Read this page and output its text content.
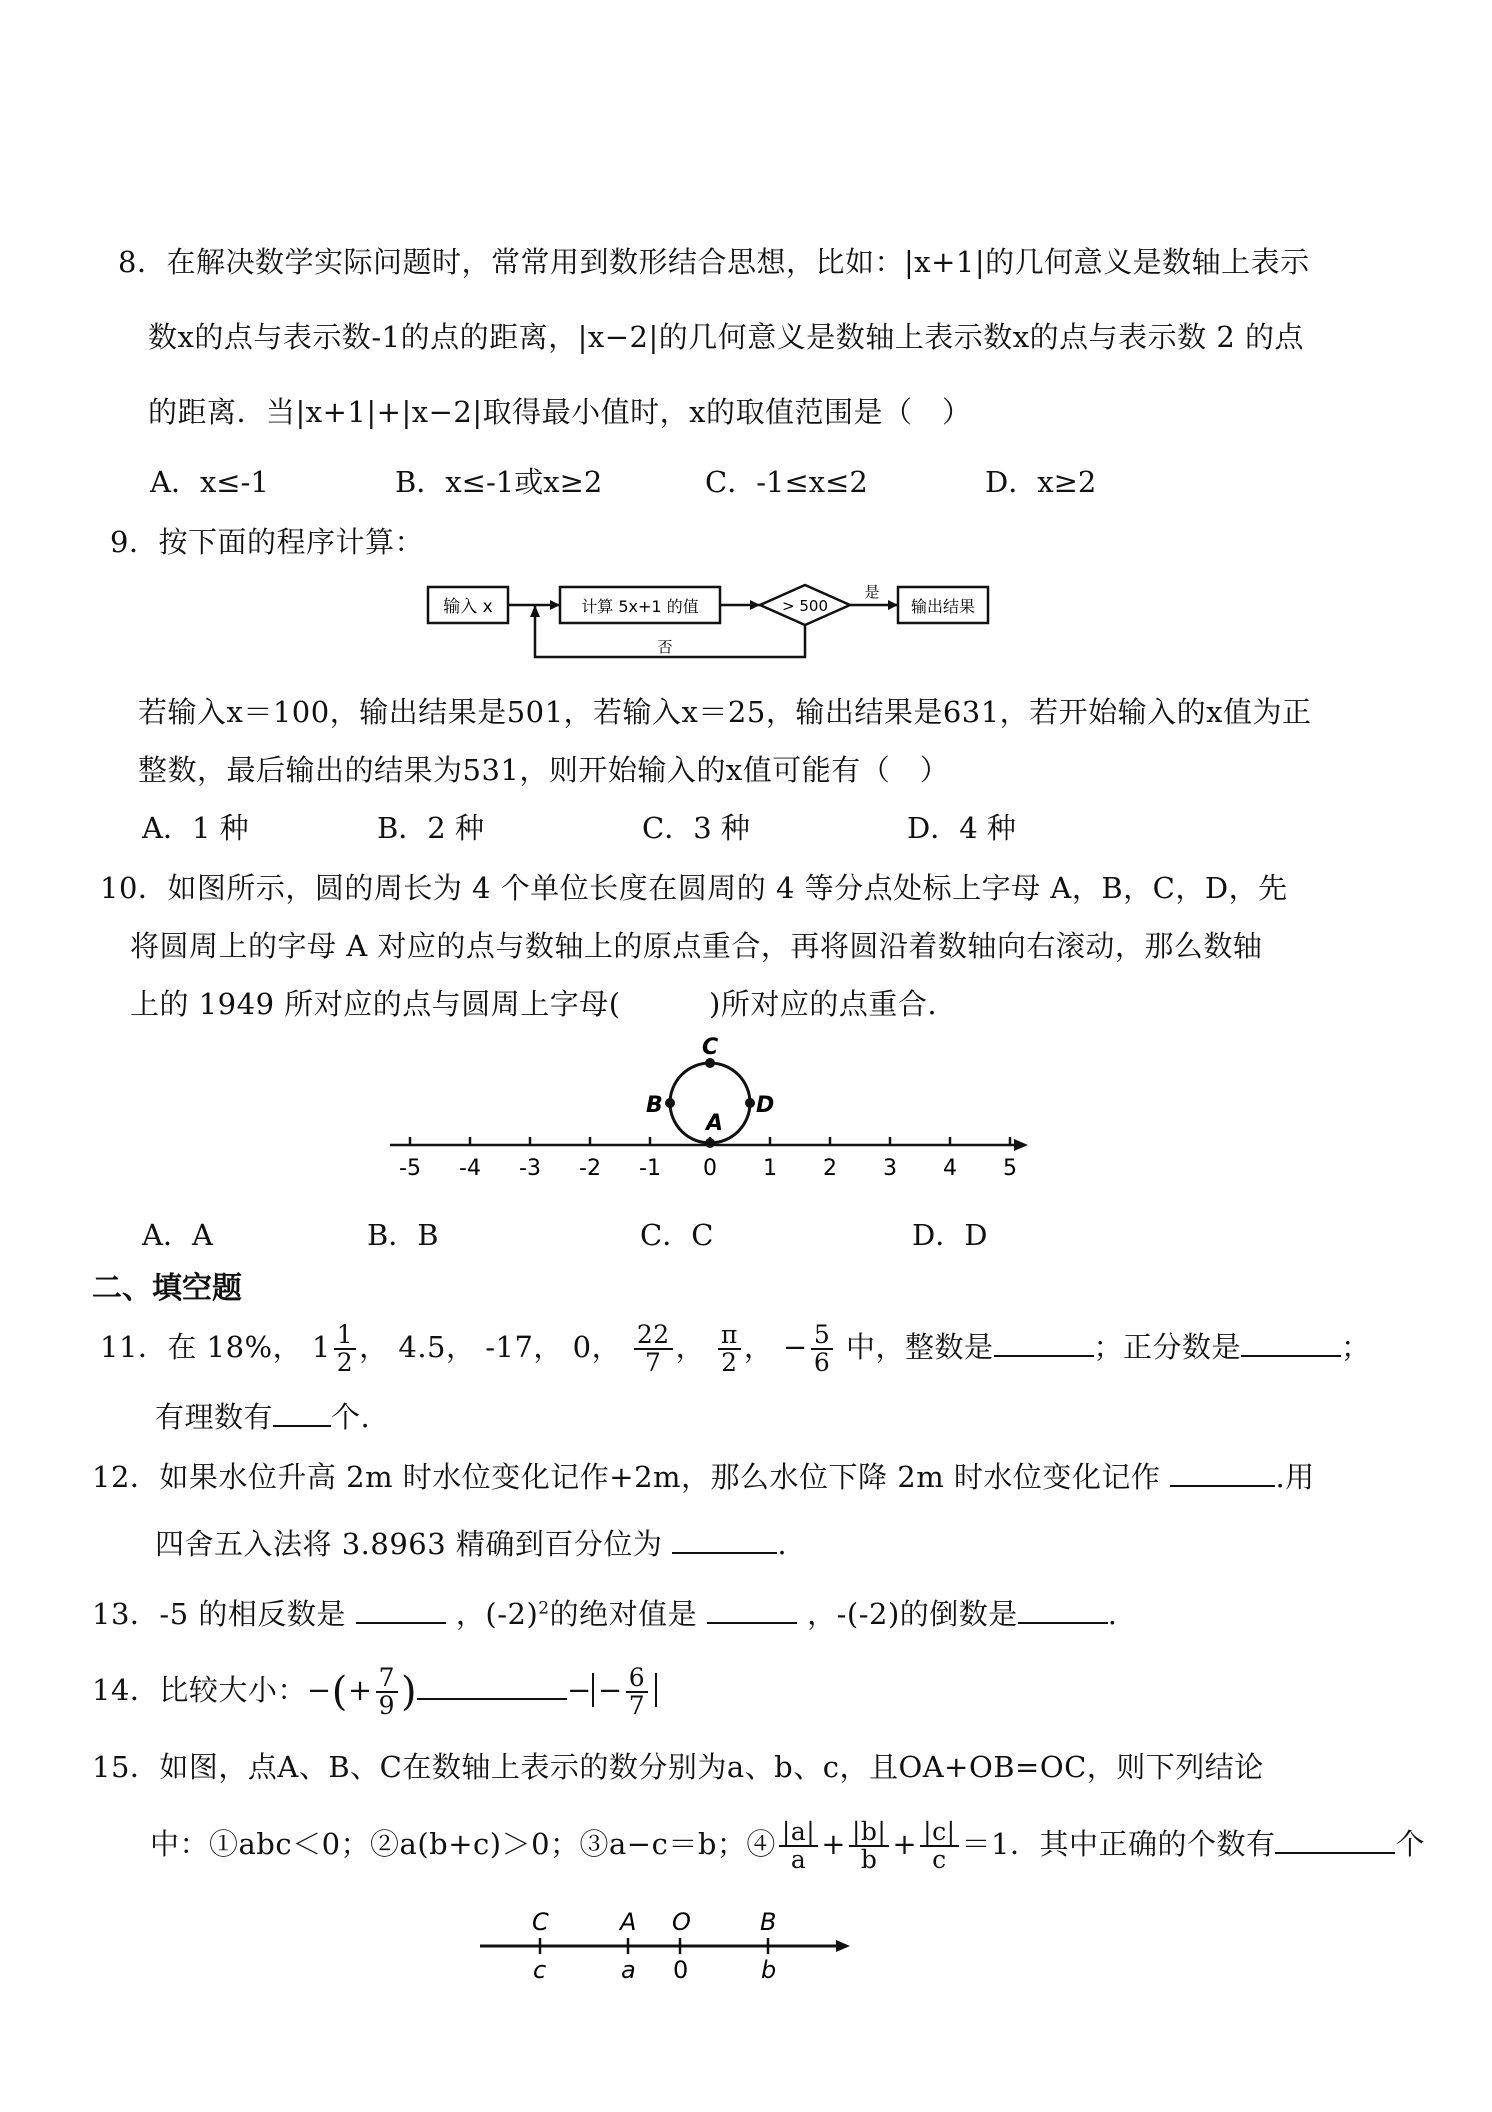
8．在解决数学实际问题时，常常用到数形结合思想，比如：|x+1|的几何意义是数轴上表示
数x的点与表示数-1的点的距离，|x−2|的几何意义是数轴上表示数x的点与表示数 2 的点
的距离．当|x+1|+|x−2|取得最小值时，x的取值范围是（　）
A．x≤-1	B．x≤-1或x≥2	C．-1≤x≤2	D．x≥2
9．按下面的程序计算：
输入 x	计算 5x+1 的值	> 500
是
输出结果
否
若输入x＝100，输出结果是501，若输入x＝25，输出结果是631，若开始输入的x值为正
整数，最后输出的结果为531，则开始输入的x值可能有（　）
A．1 种	B．2 种	C．3 种	D．4 种
10．如图所示，圆的周长为 4 个单位长度在圆周的 4 等分点处标上字母 A，B，C，D，先
将圆周上的字母 A 对应的点与数轴上的原点重合，再将圆沿着数轴向右滚动，那么数轴
上的 1949 所对应的点与圆周上字母(　　　)所对应的点重合.
-5 -4 -3 -2 -1 0 1 2 3 4 5
A
B
C
D
A．A	B．B	C．C	D．D
二、填空题
11．在 18%， $1 \frac{1}{2}$ ， 4.5， -17， 0， $\frac{22}{7}$ ， $\frac{\pi}{2}$ ， − $\frac{5}{6}$ 中，整数是	；正分数是	；
有理数有 个.
12．如果水位升高 2m 时水位变化记作+2m，那么水位下降 2m 时水位变化记作	.用
四舍五入法将 3.8963 精确到百分位为	.
13．-5 的相反数是	，$(-2)^2$的绝对值是	，-(-2)的倒数是	.
14．比较大小：−(+ $\frac{7}{9}$ )	− − $\frac{6}{7}$
15．如图，点A、B、C在数轴上表示的数分别为a、b、c，且OA+OB=OC，则下列结论
中：①abc＜0；②a(b+c)＞0；③a−c＝b；④ $\frac{|a|}{a} + \frac{|b|}{b} + \frac{|c|}{c} =1$．其中正确的个数有	个
C	A O	B
c	a 0	b
